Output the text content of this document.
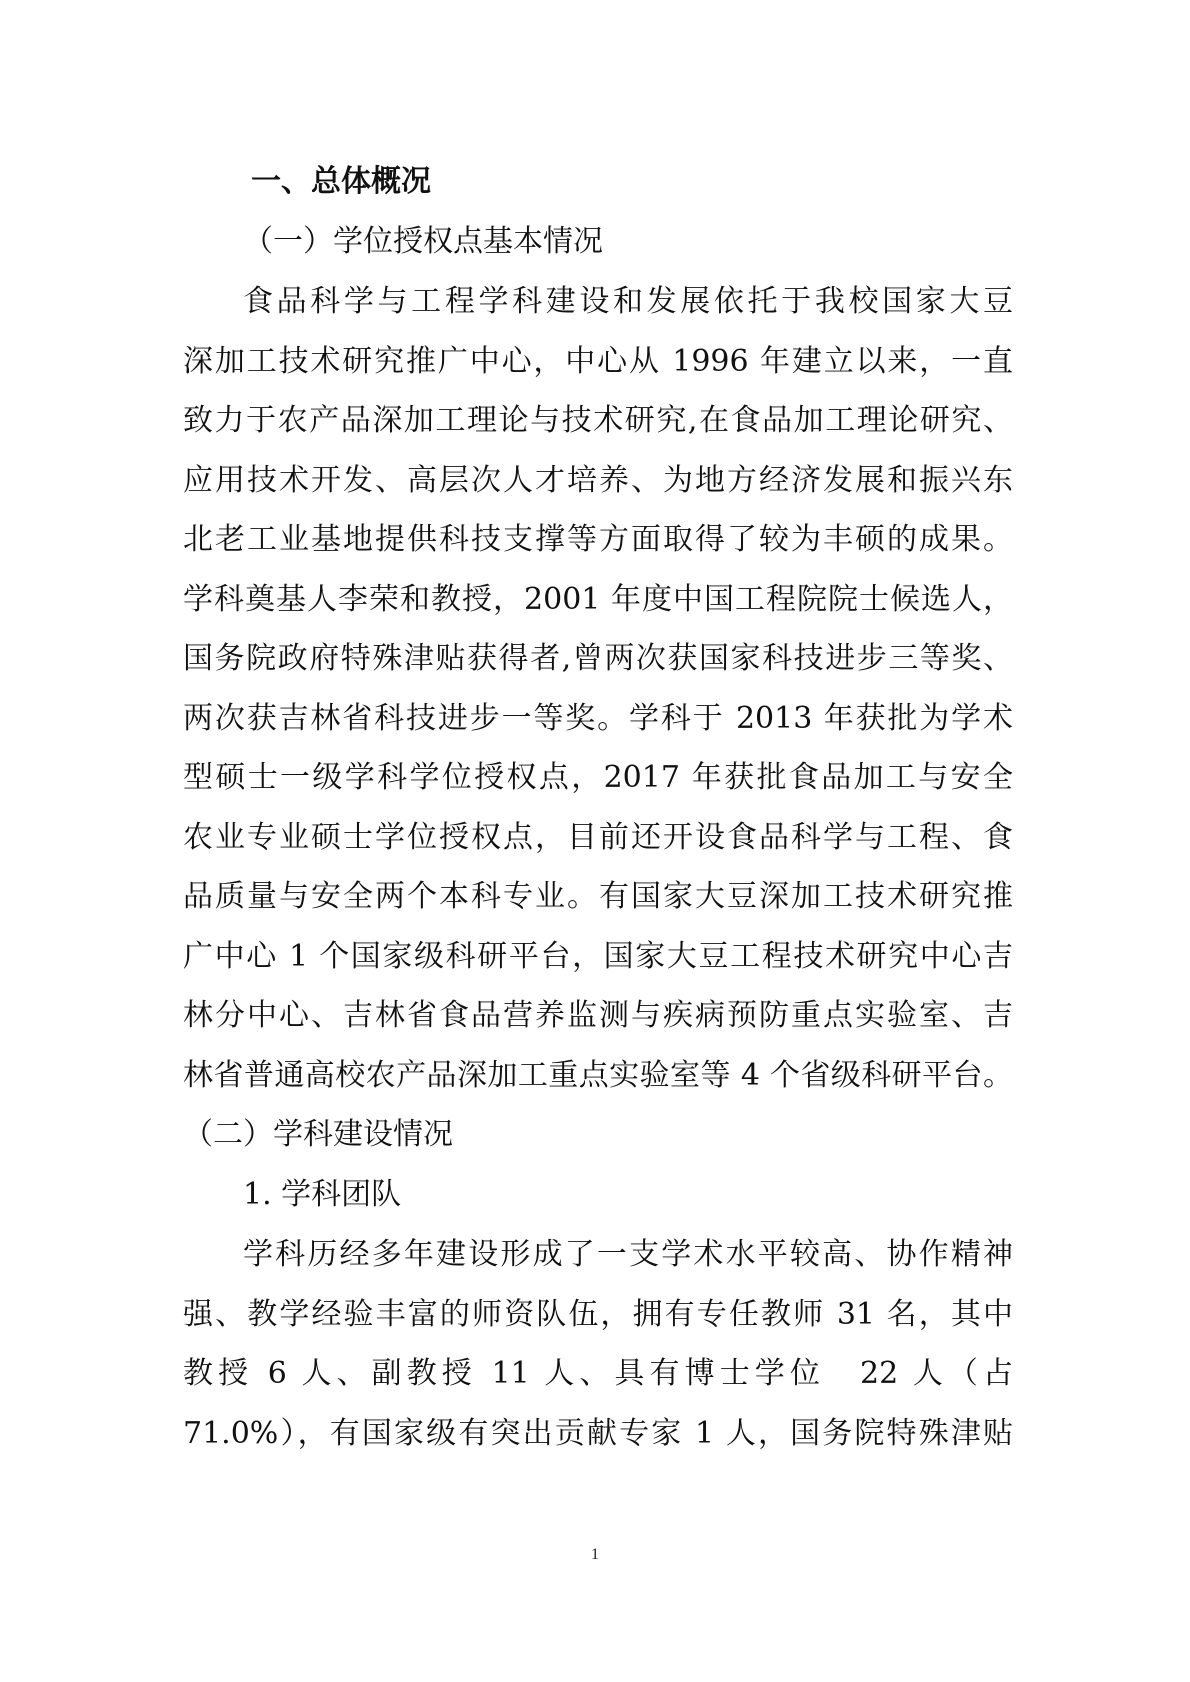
一、总体概况
（一）学位授权点基本情况
食品科学与工程学科建设和发展依托于我校国家大豆
深加工技术研究推广中心，中心从 1996 年建立以来，一直
致力于农产品深加工理论与技术研究,在食品加工理论研究、
应用技术开发、高层次人才培养、为地方经济发展和振兴东
北老工业基地提供科技支撑等方面取得了较为丰硕的成果。
学科奠基人李荣和教授，2001 年度中国工程院院士候选人，
国务院政府特殊津贴获得者,曾两次获国家科技进步三等奖、
两次获吉林省科技进步一等奖。学科于 2013 年获批为学术
型硕士一级学科学位授权点，2017 年获批食品加工与安全
农业专业硕士学位授权点，目前还开设食品科学与工程、食
品质量与安全两个本科专业。有国家大豆深加工技术研究推
广中心 1 个国家级科研平台，国家大豆工程技术研究中心吉
林分中心、吉林省食品营养监测与疾病预防重点实验室、吉
林省普通高校农产品深加工重点实验室等 4 个省级科研平台。
（二）学科建设情况
1. 学科团队
学科历经多年建设形成了一支学术水平较高、协作精神
强、教学经验丰富的师资队伍，拥有专任教师 31 名，其中
教授 6 人、副教授 11 人、具有博士学位　22 人（占
71.0%），有国家级有突出贡献专家 1 人，国务院特殊津贴
1
